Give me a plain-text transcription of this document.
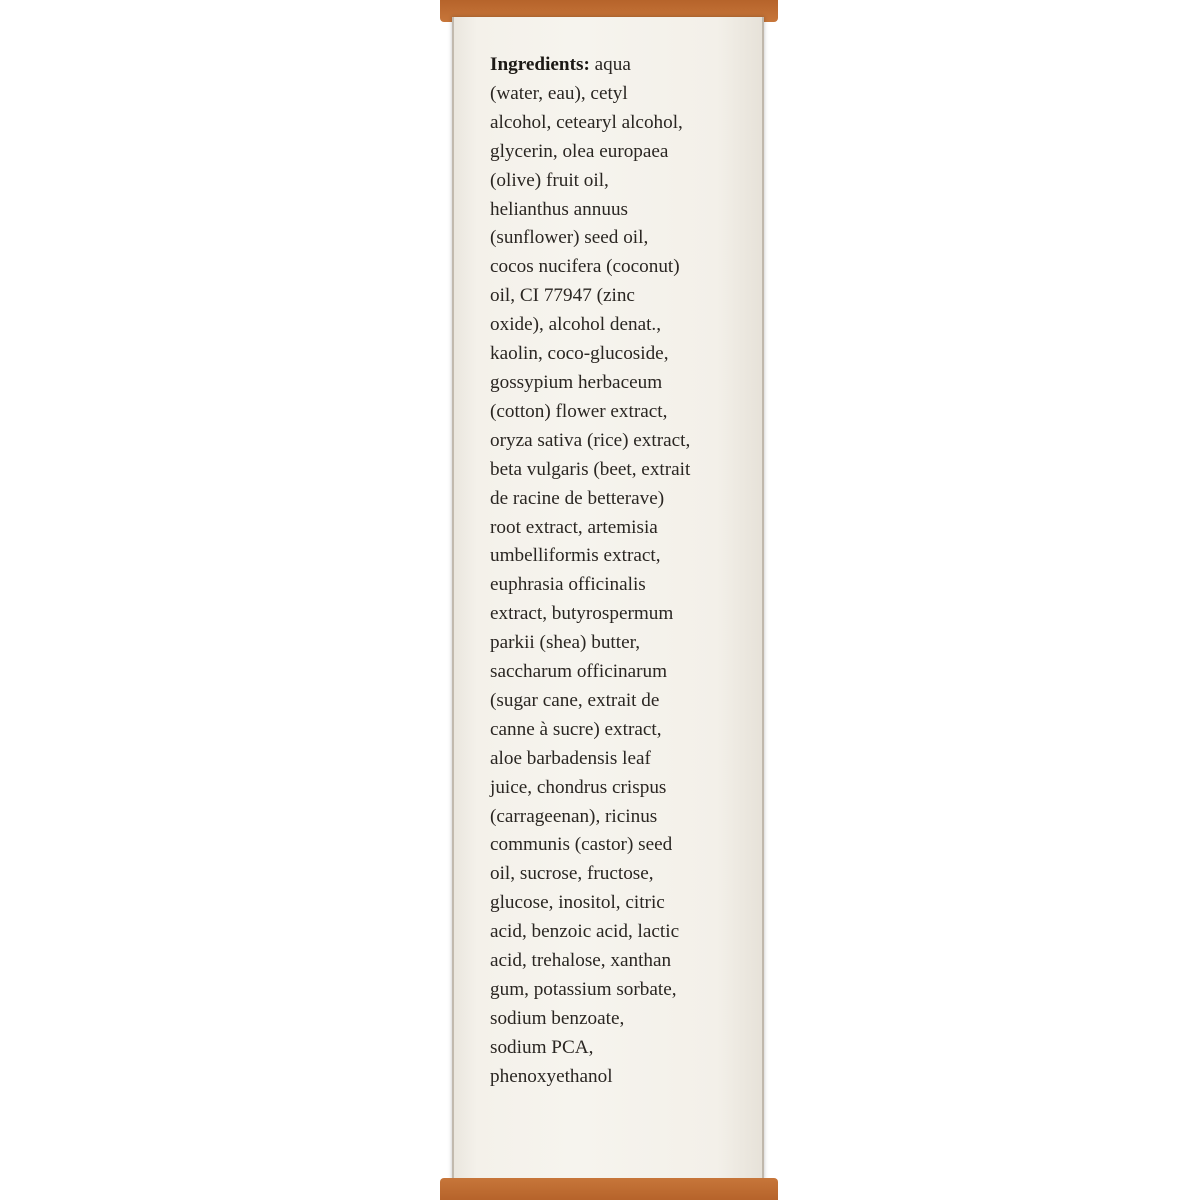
Ingredients: aqua
(water, eau), cetyl
alcohol, cetearyl alcohol,
glycerin, olea europaea
(olive) fruit oil,
helianthus annuus
(sunflower) seed oil,
cocos nucifera (coconut)
oil, CI 77947 (zinc
oxide), alcohol denat.,
kaolin, coco-glucoside,
gossypium herbaceum
(cotton) flower extract,
oryza sativa (rice) extract,
beta vulgaris (beet, extrait
de racine de betterave)
root extract, artemisia
umbelliformis extract,
euphrasia officinalis
extract, butyrospermum
parkii (shea) butter,
saccharum officinarum
(sugar cane, extrait de
canne à sucre) extract,
aloe barbadensis leaf
juice, chondrus crispus
(carrageenan), ricinus
communis (castor) seed
oil, sucrose, fructose,
glucose, inositol, citric
acid, benzoic acid, lactic
acid, trehalose, xanthan
gum, potassium sorbate,
sodium benzoate,
sodium PCA,
phenoxyethanol
